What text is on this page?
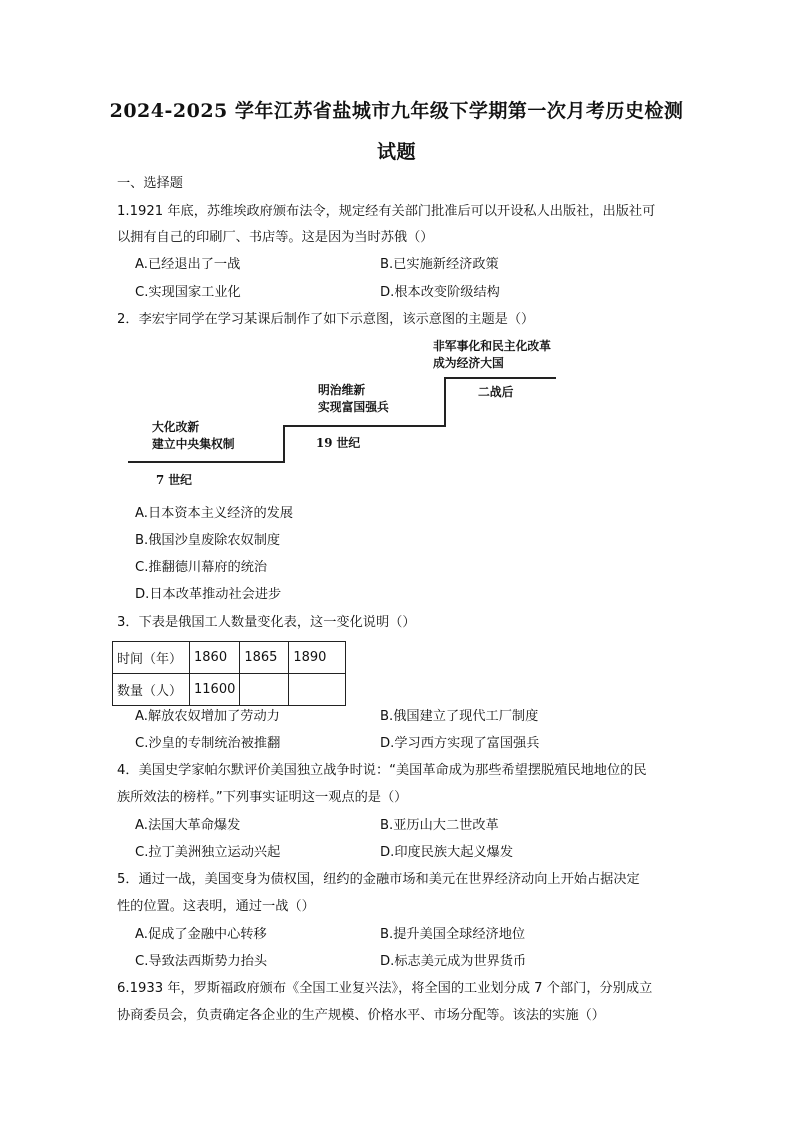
2024-2025 学年江苏省盐城市九年级下学期第一次月考历史检测
试题
一、选择题
1.1921 年底，苏维埃政府颁布法令，规定经有关部门批准后可以开设私人出版社，出版社可
以拥有自己的印刷厂、书店等。这是因为当时苏俄（）
A.已经退出了一战	B.已实施新经济政策
C.实现国家工业化	D.根本改变阶级结构
2．李宏宇同学在学习某课后制作了如下示意图，该示意图的主题是（）
非军事化和民主化改革
成为经济大国
二战后
明治维新
实现富国强兵
19 世纪
大化改新
建立中央集权制
7 世纪
A.日本资本主义经济的发展
B.俄国沙皇废除农奴制度
C.推翻德川幕府的统治
D.日本改革推动社会进步
3．下表是俄国工人数量变化表，这一变化说明（）
时间（年）	1860	1865	1890
数量（人）	11600		
A.解放农奴增加了劳动力	B.俄国建立了现代工厂制度
C.沙皇的专制统治被推翻	D.学习西方实现了富国强兵
4．美国史学家帕尔默评价美国独立战争时说：“美国革命成为那些希望摆脱殖民地地位的民
族所效法的榜样。”下列事实证明这一观点的是（）
A.法国大革命爆发	B.亚历山大二世改革
C.拉丁美洲独立运动兴起	D.印度民族大起义爆发
5．通过一战，美国变身为债权国，纽约的金融市场和美元在世界经济动向上开始占据决定
性的位置。这表明，通过一战（）
A.促成了金融中心转移	B.提升美国全球经济地位
C.导致法西斯势力抬头	D.标志美元成为世界货币
6.1933 年，罗斯福政府颁布《全国工业复兴法》，将全国的工业划分成 7 个部门，分别成立
协商委员会，负责确定各企业的生产规模、价格水平、市场分配等。该法的实施（）
